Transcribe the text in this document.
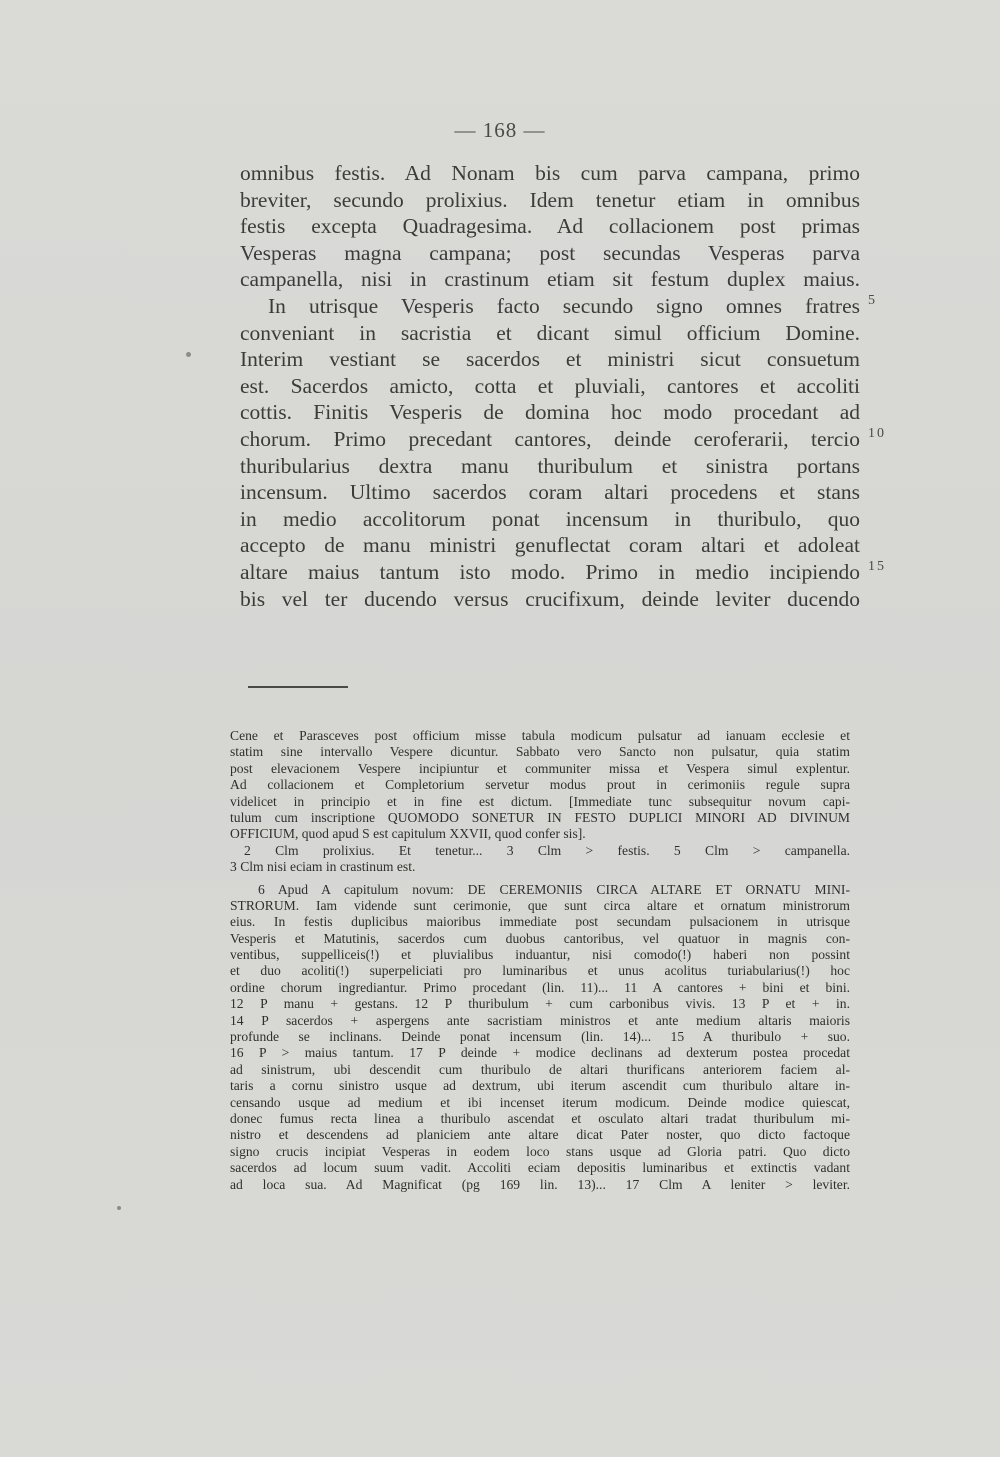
— 168 —
omnibus festis. Ad Nonam bis cum parva campana, primo
breviter, secundo prolixius. Idem tenetur etiam in omnibus
festis excepta Quadragesima. Ad collacionem post primas
Vesperas magna campana; post secundas Vesperas parva
campanella, nisi in crastinum etiam sit festum duplex maius.
In utrisque Vesperis facto secundo signo omnes fratres
conveniant in sacristia et dicant simul officium Domine.
Interim vestiant se sacerdos et ministri sicut consuetum
est. Sacerdos amicto, cotta et pluviali, cantores et accoliti
cottis. Finitis Vesperis de domina hoc modo procedant ad
chorum. Primo precedant cantores, deinde ceroferarii, tercio
thuribularius dextra manu thuribulum et sinistra portans
incensum. Ultimo sacerdos coram altari procedens et stans
in medio accolitorum ponat incensum in thuribulo, quo
accepto de manu ministri genuflectat coram altari et adoleat
altare maius tantum isto modo. Primo in medio incipiendo
bis vel ter ducendo versus crucifixum, deinde leviter ducendo
5
10
15
Cene et Parasceves post officium misse tabula modicum pulsatur ad ianuam ecclesie et
statim sine intervallo Vespere dicuntur. Sabbato vero Sancto non pulsatur, quia statim
post elevacionem Vespere incipiuntur et communiter missa et Vespera simul explentur.
Ad collacionem et Completorium servetur modus prout in cerimoniis regule supra
videlicet in principio et in fine est dictum. [Immediate tunc subsequitur novum capi-
tulum cum inscriptione QUOMODO SONETUR IN FESTO DUPLICI MINORI AD DIVINUM
OFFICIUM, quod apud S est capitulum XXVII, quod confer sis].
2 Clm prolixius. Et tenetur... 3 Clm > festis. 5 Clm > campanella.
3 Clm nisi eciam in crastinum est.
6 Apud A capitulum novum: DE CEREMONIIS CIRCA ALTARE ET ORNATU MINI-
STRORUM. Iam vidende sunt cerimonie, que sunt circa altare et ornatum ministrorum
eius. In festis duplicibus maioribus immediate post secundam pulsacionem in utrisque
Vesperis et Matutinis, sacerdos cum duobus cantoribus, vel quatuor in magnis con-
ventibus, suppelliceis(!) et pluvialibus induantur, nisi comodo(!) haberi non possint
et duo acoliti(!) superpeliciati pro luminaribus et unus acolitus turiabularius(!) hoc
ordine chorum ingrediantur. Primo procedant (lin. 11)... 11 A cantores + bini et bini.
12 P manu + gestans. 12 P thuribulum + cum carbonibus vivis. 13 P et + in.
14 P sacerdos + aspergens ante sacristiam ministros et ante medium altaris maioris
profunde se inclinans. Deinde ponat incensum (lin. 14)... 15 A thuribulo + suo.
16 P > maius tantum. 17 P deinde + modice declinans ad dexterum postea procedat
ad sinistrum, ubi descendit cum thuribulo de altari thurificans anteriorem faciem al-
taris a cornu sinistro usque ad dextrum, ubi iterum ascendit cum thuribulo altare in-
censando usque ad medium et ibi incenset iterum modicum. Deinde modice quiescat,
donec fumus recta linea a thuribulo ascendat et osculato altari tradat thuribulum mi-
nistro et descendens ad planiciem ante altare dicat Pater noster, quo dicto factoque
signo crucis incipiat Vesperas in eodem loco stans usque ad Gloria patri. Quo dicto
sacerdos ad locum suum vadit. Accoliti eciam depositis luminaribus et extinctis vadant
ad loca sua. Ad Magnificat (pg 169 lin. 13)... 17 Clm A leniter > leviter.
